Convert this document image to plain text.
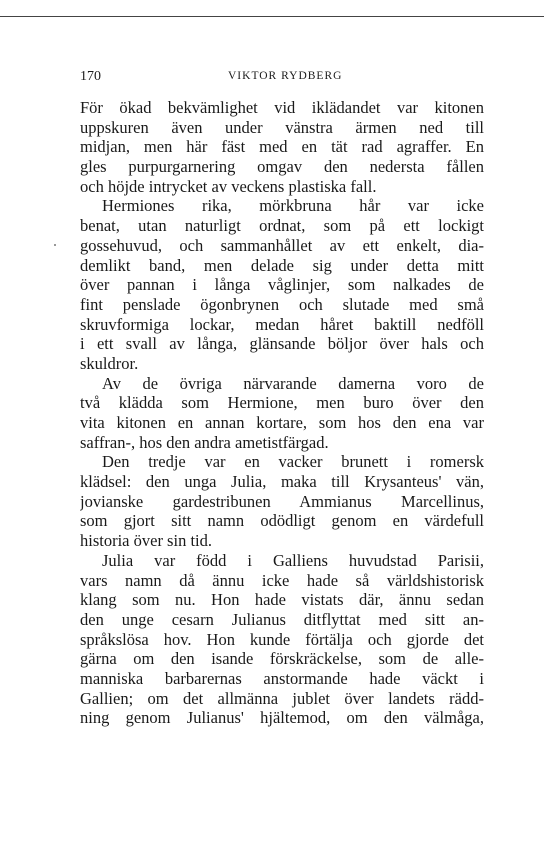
170	VIKTOR RYDBERG
För ökad bekvämlighet vid iklädandet var kitonen
uppskuren även under vänstra ärmen ned till
midjan, men här fäst med en tät rad agraffer. En
gles purpurgarnering omgav den nedersta fållen
och höjde intrycket av veckens plastiska fall.
Hermiones rika, mörkbruna hår var icke
benat, utan naturligt ordnat, som på ett lockigt
gossehuvud, och sammanhållet av ett enkelt, dia-
demlikt band, men delade sig under detta mitt
över pannan i långa våglinjer, som nalkades de
fint penslade ögonbrynen och slutade med små
skruvformiga lockar, medan håret baktill nedföll
i ett svall av långa, glänsande böljor över hals och
skuldror.
Av de övriga närvarande damerna voro de
två klädda som Hermione, men buro över den
vita kitonen en annan kortare, som hos den ena var
saffran-, hos den andra ametistfärgad.
Den tredje var en vacker brunett i romersk
klädsel: den unga Julia, maka till Krysanteus' vän,
jovianske gardestribunen Ammianus Marcellinus,
som gjort sitt namn odödligt genom en värdefull
historia över sin tid.
Julia var född i Galliens huvudstad Parisii,
vars namn då ännu icke hade så världshistorisk
klang som nu. Hon hade vistats där, ännu sedan
den unge cesarn Julianus ditflyttat med sitt an-
språkslösa hov. Hon kunde förtälja och gjorde det
gärna om den isande förskräckelse, som de alle-
manniska barbarernas anstormande hade väckt i
Gallien; om det allmänna jublet över landets rädd-
ning genom Julianus' hjältemod, om den välmåga,
